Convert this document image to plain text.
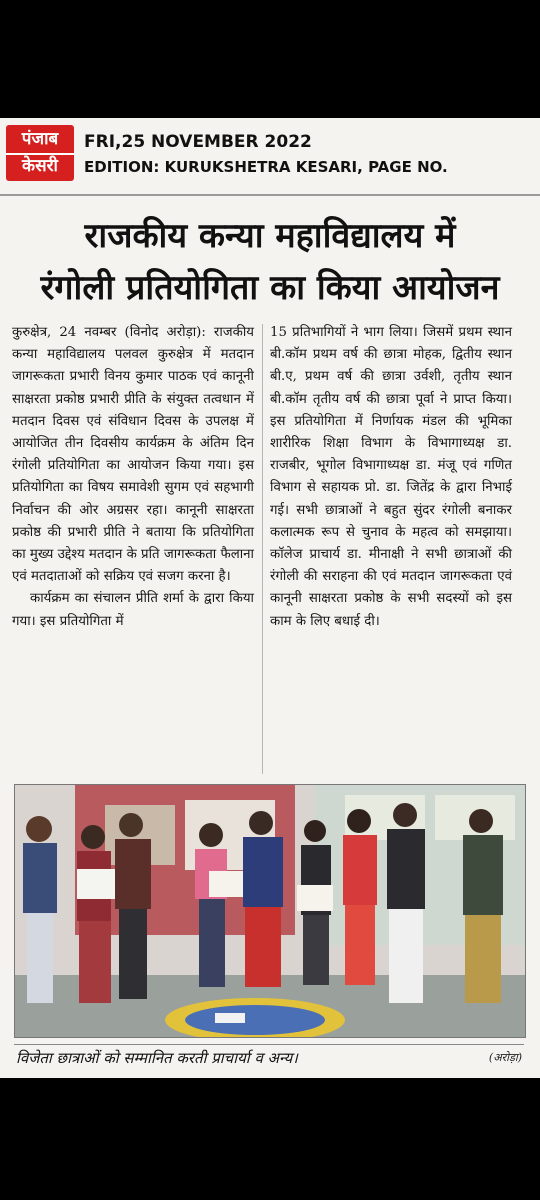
पंजाब
केसरी
FRI,25 NOVEMBER 2022
EDITION: KURUKSHETRA KESARI, PAGE NO.
राजकीय कन्या महाविद्यालय में
रंगोली प्रतियोगिता का किया आयोजन

कुरुक्षेत्र, 24 नवम्बर (विनोद अरोड़ा): राजकीय कन्या महाविद्यालय पलवल कुरुक्षेत्र में मतदान जागरूकता प्रभारी विनय कुमार पाठक एवं कानूनी साक्षरता प्रकोष्ठ प्रभारी प्रीति के संयुक्त तत्वधान में मतदान दिवस एवं संविधान दिवस के उपलक्ष में आयोजित तीन दिवसीय कार्यक्रम के अंतिम दिन रंगोली प्रतियोगिता का आयोजन किया गया। इस प्रतियोगिता का विषय समावेशी सुगम एवं सहभागी निर्वाचन की ओर अग्रसर रहा। कानूनी साक्षरता प्रकोष्ठ की प्रभारी प्रीति ने बताया कि प्रतियोगिता का मुख्य उद्देश्य मतदान के प्रति जागरूकता फैलाना एवं मतदाताओं को सक्रिय एवं सजग करना है।

कार्यक्रम का संचालन प्रीति शर्मा के द्वारा किया गया। इस प्रतियोगिता में

15 प्रतिभागियों ने भाग लिया। जिसमें प्रथम स्थान बी.कॉम प्रथम वर्ष की छात्रा मोहक, द्वितीय स्थान बी.ए, प्रथम वर्ष की छात्रा उर्वशी, तृतीय स्थान बी.कॉम तृतीय वर्ष की छात्रा पूर्वा ने प्राप्त किया। इस प्रतियोगिता में निर्णायक मंडल की भूमिका शारीरिक शिक्षा विभाग के विभागाध्यक्ष डा. राजबीर, भूगोल विभागाध्यक्ष डा. मंजू एवं गणित विभाग से सहायक प्रो. डा. जितेंद्र के द्वारा निभाई गई। सभी छात्राओं ने बहुत सुंदर रंगोली बनाकर कलात्मक रूप से चुनाव के महत्व को समझाया। कॉलेज प्राचार्य डा. मीनाक्षी ने सभी छात्राओं की रंगोली की सराहना की एवं मतदान जागरूकता एवं कानूनी साक्षरता प्रकोष्ठ के सभी सदस्यों को इस काम के लिए बधाई दी।

विजेता छात्राओं को सम्मानित करती प्राचार्या व अन्य।	(अरोड़ा)
